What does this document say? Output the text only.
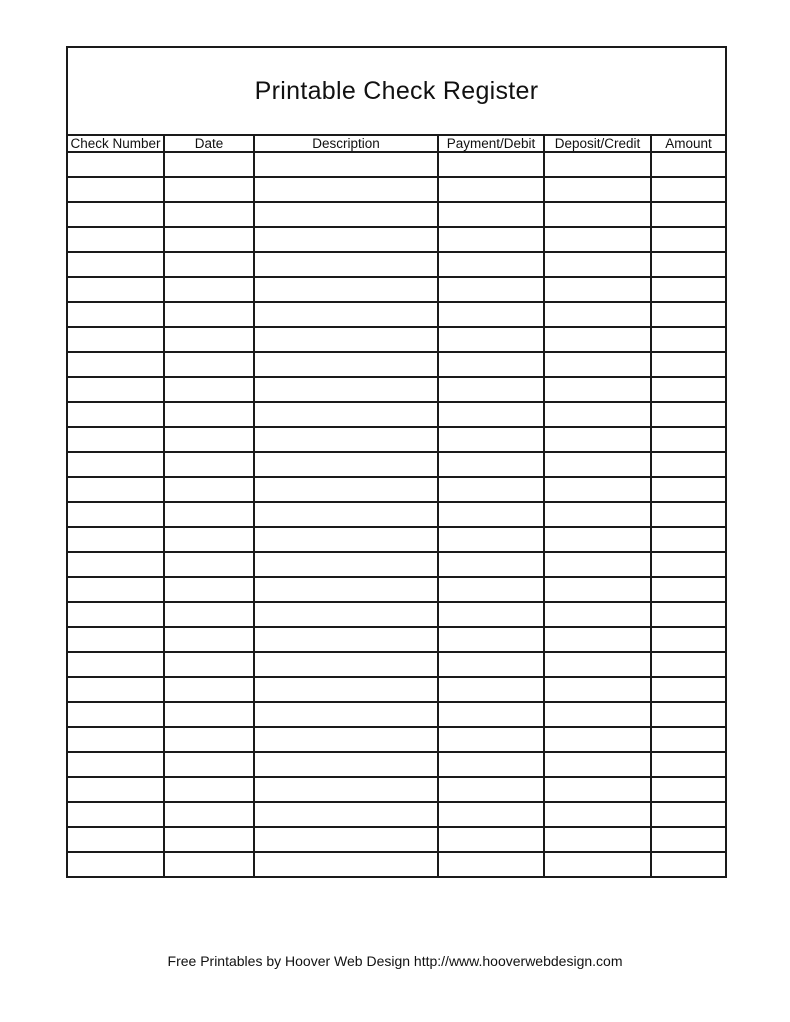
Printable Check Register					
Check Number	Date	Description	Payment/Debit	Deposit/Credit	Amount

Free Printables by Hoover Web Design http://www.hooverwebdesign.com
